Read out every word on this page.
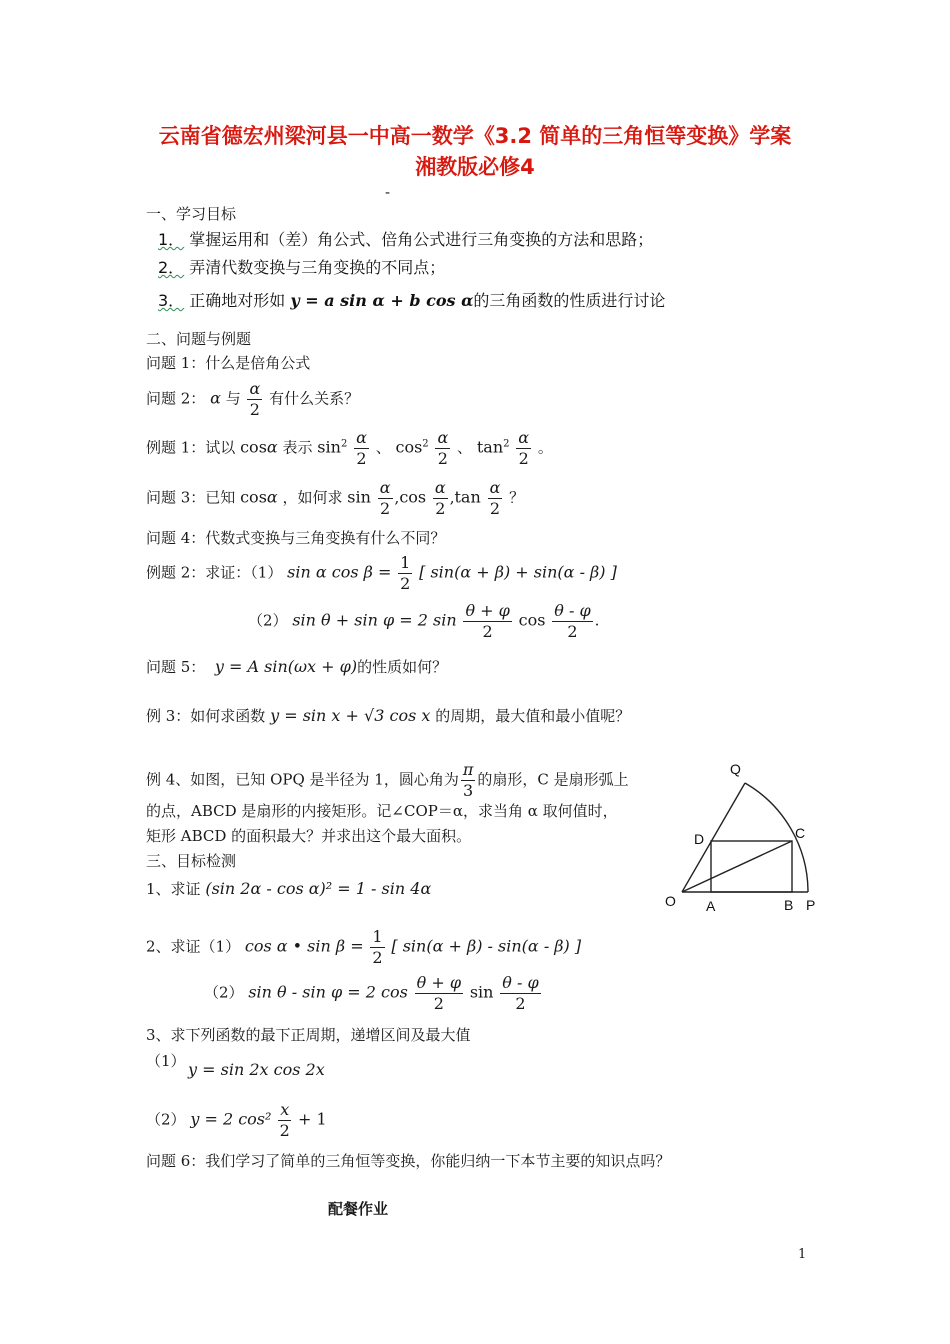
云南省德宏州梁河县一中高一数学《3.2 简单的三角恒等变换》学案
湘教版必修4
-
一、学习目标
1． 掌握运用和（差）角公式、倍角公式进行三角变换的方法和思路；
2． 弄清代数变换与三角变换的不同点；
3． 正确地对形如 y = a sin α + b cos α的三角函数的性质进行讨论
二、问题与例题
问题 1：什么是倍角公式
问题 2： α 与 $\frac{\alpha}{2}$ 有什么关系？
例题 1：试以 cosα 表示 $\sin^2 \frac{\alpha}{2}$ 、 $\cos^2 \frac{\alpha}{2}$ 、 $\tan^2 \frac{\alpha}{2}$ 。
问题 3：已知 cosα ，如何求 $\sin \frac{\alpha}{2} ,\cos \frac{\alpha}{2} ,\tan \frac{\alpha}{2}$ ？
问题 4：代数式变换与三角变换有什么不同？
例题 2：求证：（1） sin α $\cos \beta = \frac{1}{2}$ [ sin(α + β) + sin(α - β) ]
（2） sin θ + sin φ = 2 $\sin \frac{\theta + \varphi}{2}$ $\cos \frac{\theta - \varphi}{2}$ .
问题 5： y = A sin(ωx + φ)的性质如何？
例 3：如何求函数 y = sin x + √3 cos x 的周期，最大值和最小值呢？
例 4、如图，已知 OPQ 是半径为 1，圆心角为 $\frac{\pi}{3}$ 的扇形，C 是扇形弧上
的点，ABCD 是扇形的内接矩形。记∠COP＝α，求当角 α 取何值时，
矩形 ABCD 的面积最大？并求出这个最大面积。
三、目标检测
1、求证 (sin 2α - cos α)² = 1 - sin 4α
2、求证（1） cos α • $\sin \beta = \frac{1}{2}$ [ sin(α + β) - sin(α - β) ]
（2） sin θ - sin φ = 2 $\cos \frac{\theta + \varphi}{2}$ $\sin \frac{\theta - \varphi}{2}$
3、求下列函数的最下正周期，递增区间及最大值
（1） y = sin 2x cos 2x
（2） y = 2 $\cos^2 \frac{x}{2} + 1$
问题 6：我们学习了简单的三角恒等变换，你能归纳一下本节主要的知识点吗？
配餐作业
1
O A	B P
C
D
Q
